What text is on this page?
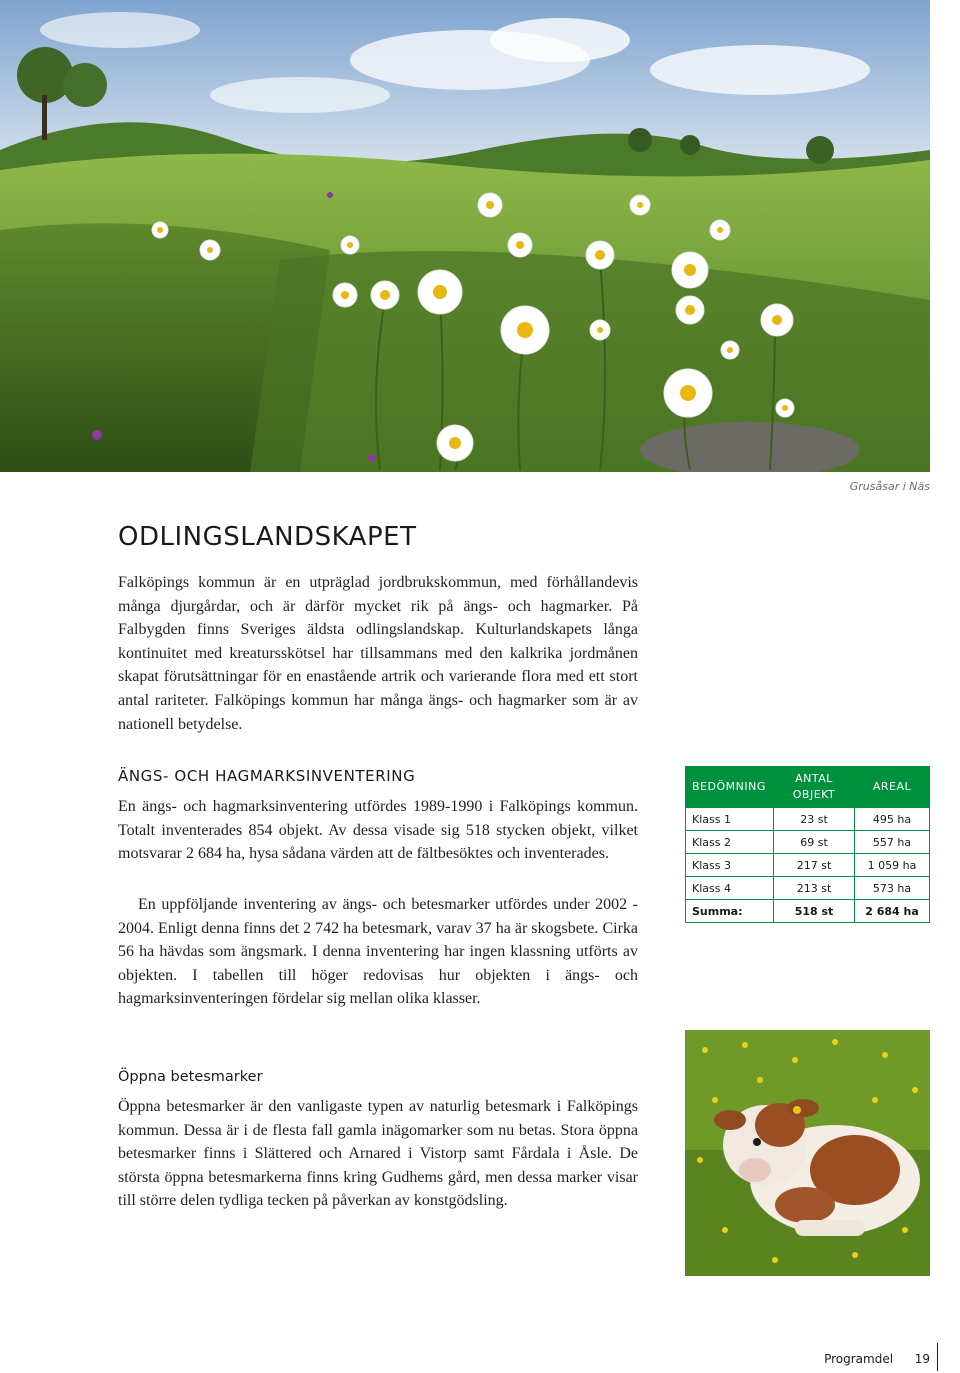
Grusåsar i Näs
ODLINGSLANDSKAPET

Falköpings kommun är en utpräglad jordbrukskommun, med förhållandevis många djurgårdar, och är därför mycket rik på ängs- och hagmarker. På Falbygden finns Sveriges äldsta odlingslandskap. Kulturlandskapets långa kontinuitet med kreatursskötsel har tillsammans med den kalkrika jordmånen skapat förutsättningar för en enastående artrik och varierande flora med ett stort antal rariteter. Falköpings kommun har många ängs- och hagmarker som är av nationell betydelse.

ÄNGS- OCH HAGMARKSINVENTERING

En ängs- och hagmarksinventering utfördes 1989-1990 i Falköpings kommun. Totalt inventerades 854 objekt. Av dessa visade sig 518 stycken objekt, vilket motsvarar 2 684 ha, hysa sådana värden att de fältbesöktes och inventerades.

En uppföljande inventering av ängs- och betesmarker utfördes under 2002 - 2004. Enligt denna finns det 2 742 ha betesmark, varav 37 ha är skogsbete. Cirka 56 ha hävdas som ängsmark. I denna inventering har ingen klassning utförts av objekten. I tabellen till höger redovisas hur objekten i ängs- och hagmarksinventeringen fördelar sig mellan olika klasser.

BEDÖMNING	ANTAL OBJEKT	AREAL
Klass 1	23 st	495 ha
Klass 2	69 st	557 ha
Klass 3	217 st	1 059 ha
Klass 4	213 st	573 ha
Summa:	518 st	2 684 ha
Öppna betesmarker

Öppna betesmarker är den vanligaste typen av naturlig betesmark i Falköpings kommun. Dessa är i de flesta fall gamla inägomarker som nu betas. Stora öppna betesmarker finns i Slättered och Arnared i Vistorp samt Fårdala i Åsle. De största öppna betesmarkerna finns kring Gudhems gård, men dessa marker visar till större delen tydliga tecken på påverkan av konstgödsling.

Programdel 19
